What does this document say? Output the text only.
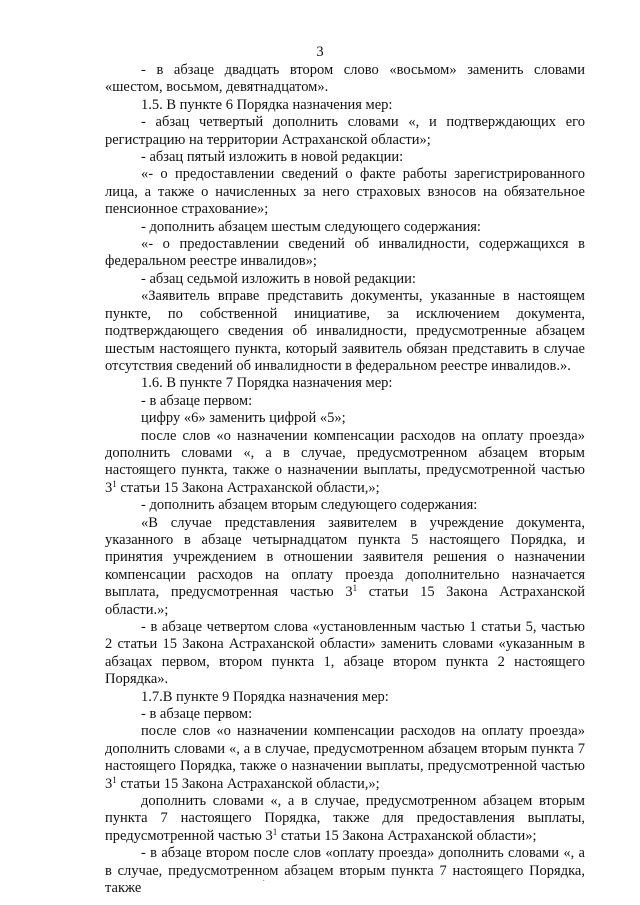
3

- в абзаце двадцать втором слово «восьмом» заменить словами «шестом, восьмом, девятнадцатом».

1.5. В пункте 6 Порядка назначения мер:

- абзац четвертый дополнить словами «, и подтверждающих его регистрацию на территории Астраханской области»;

- абзац пятый изложить в новой редакции:

«- о предоставлении сведений о факте работы зарегистрированного лица, а также о начисленных за него страховых взносов на обязательное пенсионное страхование»;

- дополнить абзацем шестым следующего содержания:

«- о предоставлении сведений об инвалидности, содержащихся в федеральном реестре инвалидов»;

- абзац седьмой изложить в новой редакции:

«Заявитель вправе представить документы, указанные в настоящем пункте, по собственной инициативе, за исключением документа, подтверждающего сведения об инвалидности, предусмотренные абзацем шестым настоящего пункта, который заявитель обязан представить в случае отсутствия сведений об инвалидности в федеральном реестре инвалидов.».

1.6. В пункте 7 Порядка назначения мер:

- в абзаце первом:

цифру «6» заменить цифрой «5»;

после слов «о назначении компенсации расходов на оплату проезда» дополнить словами «, а в случае, предусмотренном абзацем вторым настоящего пункта, также о назначении выплаты, предусмотренной частью $3^1$ статьи 15 Закона Астраханской области,»;

- дополнить абзацем вторым следующего содержания:

«В случае представления заявителем в учреждение документа, указанного в абзаце четырнадцатом пункта 5 настоящего Порядка, и принятия учреждением в отношении заявителя решения о назначении компенсации расходов на оплату проезда дополнительно назначается выплата, предусмотренная частью $3^1$ статьи 15 Закона Астраханской области.»;

- в абзаце четвертом слова «установленным частью 1 статьи 5, частью 2 статьи 15 Закона Астраханской области» заменить словами «указанным в абзацах первом, втором пункта 1, абзаце втором пункта 2 настоящего Порядка».

1.7.В пункте 9 Порядка назначения мер:

- в абзаце первом:

после слов «о назначении компенсации расходов на оплату проезда» дополнить словами «, а в случае, предусмотренном абзацем вторым пункта 7 настоящего Порядка, также о назначении выплаты, предусмотренной частью $3^1$ статьи 15 Закона Астраханской области,»;

дополнить словами «, а в случае, предусмотренном абзацем вторым пункта 7 настоящего Порядка, также для предоставления выплаты, предусмотренной частью $3^1$ статьи 15 Закона Астраханской области»;

- в абзаце втором после слов «оплату проезда» дополнить словами «, а в случае, предусмотренном абзацем вторым пункта 7 настоящего Порядка, также	·
